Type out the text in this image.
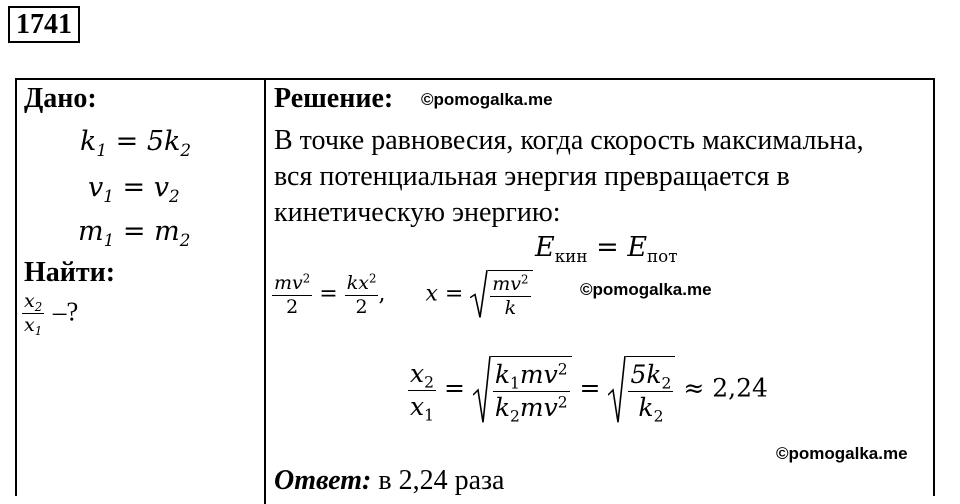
1741
Дано:
$k_1 = 5k_2$
$v_1 = v_2$
$m_1 = m_2$
Найти:
$\frac{x_2}{x_1}$ –?
Решение: ©pomogalka.me
В точке равновесия, когда скорость максимальна,
вся потенциальная энергия превращается в
кинетическую энергию:
$E_{кин} = E_{пот}$
$\frac{mv^2}{2} = \frac{kx^2}{2}$ , $x = \frac{mv^2}{k}$	©pomogalka.me
$\frac{x_2}{x_1} = \frac{k_1mv^2}{k_2mv^2} = \frac{5k_2}{k_2} \approx 2,24$
©pomogalka.me
Ответ: в 2,24 раза
